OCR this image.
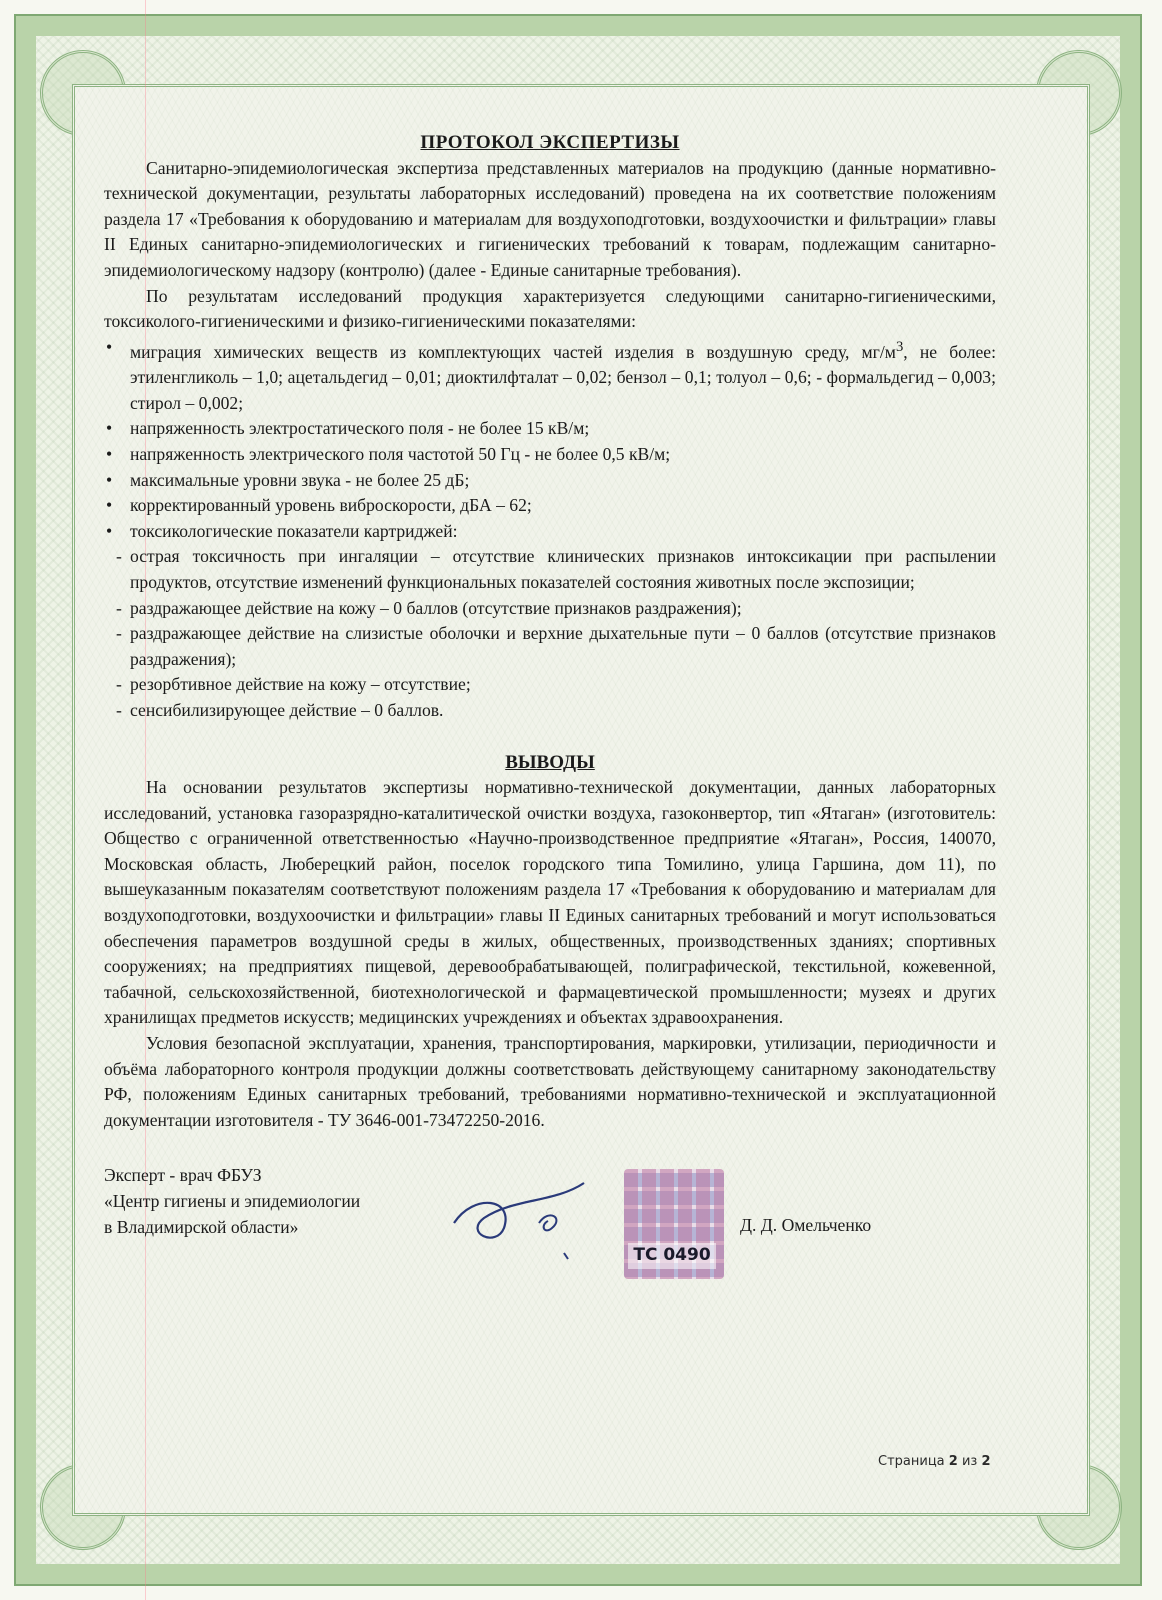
ПРОТОКОЛ ЭКСПЕРТИЗЫ

Санитарно-эпидемиологическая экспертиза представленных материалов на продукцию (данные нормативно-технической документации, результаты лабораторных исследований) проведена на их соответствие положениям раздела 17 «Требования к оборудованию и материалам для воздухоподготовки, воздухоочистки и фильтрации» главы II Единых санитарно-эпидемиологических и гигиенических требований к товарам, подлежащим санитарно-эпидемиологическому надзору (контролю) (далее - Единые санитарные требования).

По результатам исследований продукция характеризуется следующими санитарно-гигиеническими, токсиколого-гигиеническими и физико-гигиеническими показателями:

• миграция химических веществ из комплектующих частей изделия в воздушную среду, $мг/м^3$, не более: этиленгликоль – 1,0; ацетальдегид – 0,01; диоктилфталат – 0,02; бензол – 0,1; толуол – 0,6; - формальдегид – 0,003; стирол – 0,002;
• напряженность электростатического поля - не более 15 кВ/м;
• напряженность электрического поля частотой 50 Гц - не более 0,5 кВ/м;
• максимальные уровни звука - не более 25 дБ;
• корректированный уровень виброскорости, дБА – 62;
• токсикологические показатели картриджей:
- острая токсичность при ингаляции – отсутствие клинических признаков интоксикации при распылении продуктов, отсутствие изменений функциональных показателей состояния животных после экспозиции;
- раздражающее действие на кожу – 0 баллов (отсутствие признаков раздражения);
- раздражающее действие на слизистые оболочки и верхние дыхательные пути – 0 баллов (отсутствие признаков раздражения);
- резорбтивное действие на кожу – отсутствие;
- сенсибилизирующее действие – 0 баллов.
ВЫВОДЫ

На основании результатов экспертизы нормативно-технической документации, данных лабораторных исследований, установка газоразрядно-каталитической очистки воздуха, газоконвертор, тип «Ятаган» (изготовитель: Общество с ограниченной ответственностью «Научно-производственное предприятие «Ятаган», Россия, 140070, Московская область, Люберецкий район, поселок городского типа Томилино, улица Гаршина, дом 11), по вышеуказанным показателям соответствуют положениям раздела 17 «Требования к оборудованию и материалам для воздухоподготовки, воздухоочистки и фильтрации» главы II Единых санитарных требований и могут использоваться обеспечения параметров воздушной среды в жилых, общественных, производственных зданиях; спортивных сооружениях; на предприятиях пищевой, деревообрабатывающей, полиграфической, текстильной, кожевенной, табачной, сельскохозяйственной, биотехнологической и фармацевтической промышленности; музеях и других хранилищах предметов искусств; медицинских учреждениях и объектах здравоохранения.

Условия безопасной эксплуатации, хранения, транспортирования, маркировки, утилизации, периодичности и объёма лабораторного контроля продукции должны соответствовать действующему санитарному законодательству РФ, положениям Единых санитарных требований, требованиями нормативно-технической и эксплуатационной документации изготовителя - ТУ 3646-001-73472250-2016.

Эксперт - врач ФБУЗ
«Центр гигиены и эпидемиологии
в Владимирской области»
ТС 0490
Д. Д. Омельченко
Страница 2 из 2
